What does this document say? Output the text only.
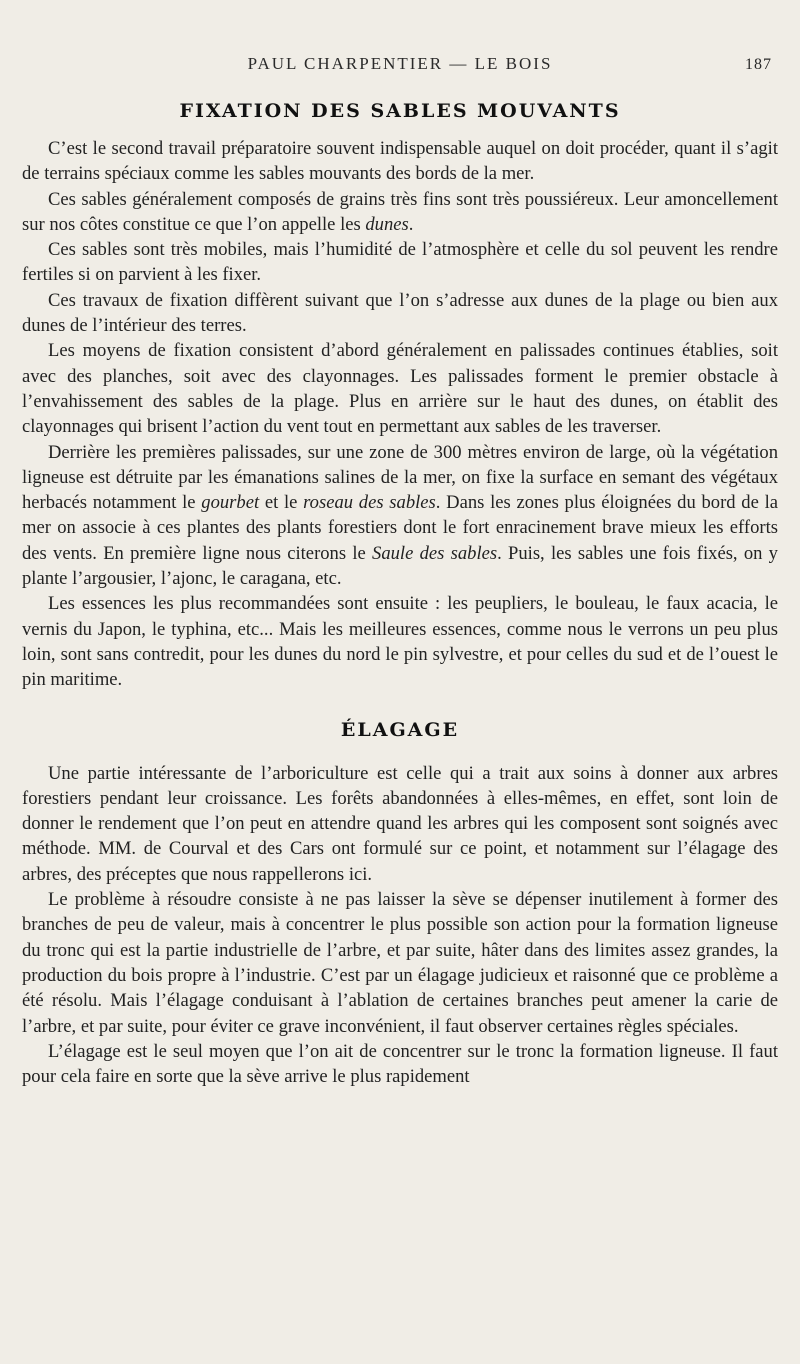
PAUL CHARPENTIER — LE BOIS	187
FIXATION DES SABLES MOUVANTS

C’est le second travail préparatoire souvent indispensable auquel on doit procéder, quant il s’agit de terrains spéciaux comme les sables mouvants des bords de la mer.

Ces sables généralement composés de grains très fins sont très poussiéreux. Leur amoncellement sur nos côtes constitue ce que l’on appelle les dunes.

Ces sables sont très mobiles, mais l’humidité de l’atmosphère et celle du sol peuvent les rendre fertiles si on parvient à les fixer.

Ces travaux de fixation diffèrent suivant que l’on s’adresse aux dunes de la plage ou bien aux dunes de l’intérieur des terres.

Les moyens de fixation consistent d’abord généralement en palissades continues établies, soit avec des planches, soit avec des clayonnages. Les palissades forment le premier obstacle à l’envahissement des sables de la plage. Plus en arrière sur le haut des dunes, on établit des clayonnages qui brisent l’action du vent tout en permettant aux sables de les traverser.

Derrière les premières palissades, sur une zone de 300 mètres environ de large, où la végétation ligneuse est détruite par les émanations salines de la mer, on fixe la surface en semant des végétaux herbacés notamment le gourbet et le roseau des sables. Dans les zones plus éloignées du bord de la mer on associe à ces plantes des plants forestiers dont le fort enracinement brave mieux les efforts des vents. En première ligne nous citerons le Saule des sables. Puis, les sables une fois fixés, on y plante l’argousier, l’ajonc, le caragana, etc.

Les essences les plus recommandées sont ensuite : les peupliers, le bouleau, le faux acacia, le vernis du Japon, le typhina, etc... Mais les meilleures essences, comme nous le verrons un peu plus loin, sont sans contredit, pour les dunes du nord le pin sylvestre, et pour celles du sud et de l’ouest le pin maritime.

ÉLAGAGE

Une partie intéressante de l’arboriculture est celle qui a trait aux soins à donner aux arbres forestiers pendant leur croissance. Les forêts abandonnées à elles-mêmes, en effet, sont loin de donner le rendement que l’on peut en attendre quand les arbres qui les composent sont soignés avec méthode. MM. de Courval et des Cars ont formulé sur ce point, et notamment sur l’élagage des arbres, des préceptes que nous rappellerons ici.

Le problème à résoudre consiste à ne pas laisser la sève se dépenser inutilement à former des branches de peu de valeur, mais à concentrer le plus possible son action pour la formation ligneuse du tronc qui est la partie industrielle de l’arbre, et par suite, hâter dans des limites assez grandes, la production du bois propre à l’industrie. C’est par un élagage judicieux et raisonné que ce problème a été résolu. Mais l’élagage conduisant à l’ablation de certaines branches peut amener la carie de l’arbre, et par suite, pour éviter ce grave inconvénient, il faut observer certaines règles spéciales.

L’élagage est le seul moyen que l’on ait de concentrer sur le tronc la formation ligneuse. Il faut pour cela faire en sorte que la sève arrive le plus rapidement
